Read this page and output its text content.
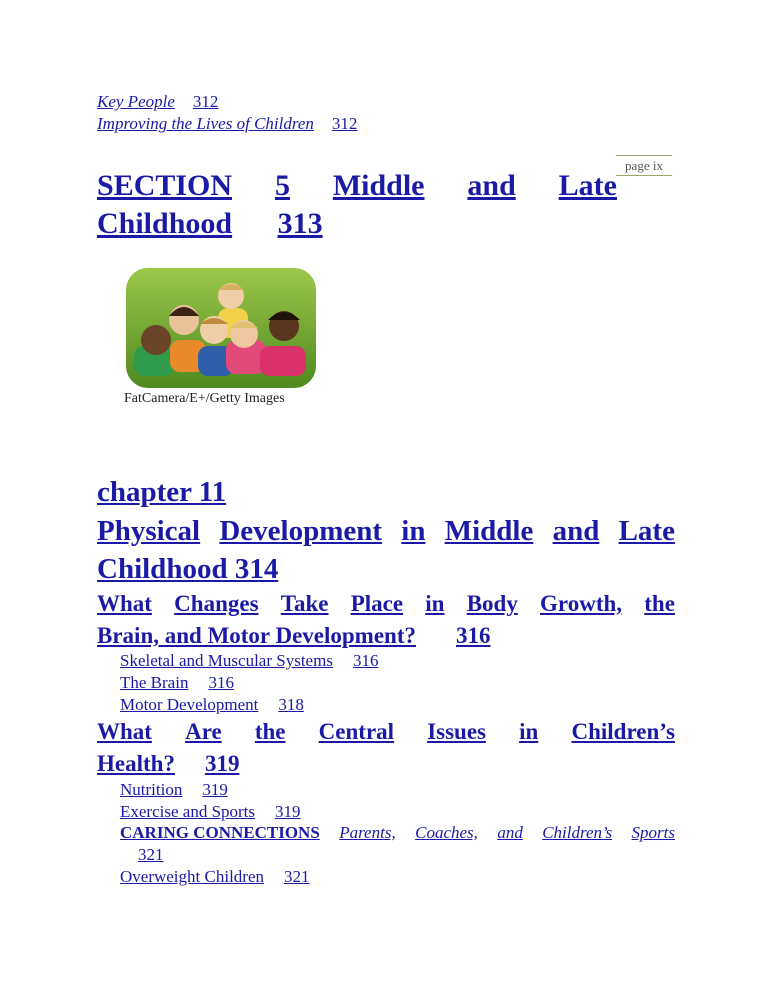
Key People 312
Improving the Lives of Children 312
page ix
SECTION 5 Middle and Late
Childhood 313
FatCamera/E+/Getty Images
chapter 11
Physical Development in Middle and Late
Childhood 314
What Changes Take Place in Body Growth, the
Brain, and Motor Development? 316
Skeletal and Muscular Systems 316
The Brain 316
Motor Development 318
What Are the Central Issues in Children’s
Health? 319
Nutrition 319
Exercise and Sports 319
CARING CONNECTIONS Parents, Coaches, and Children’s Sports
321
Overweight Children 321
